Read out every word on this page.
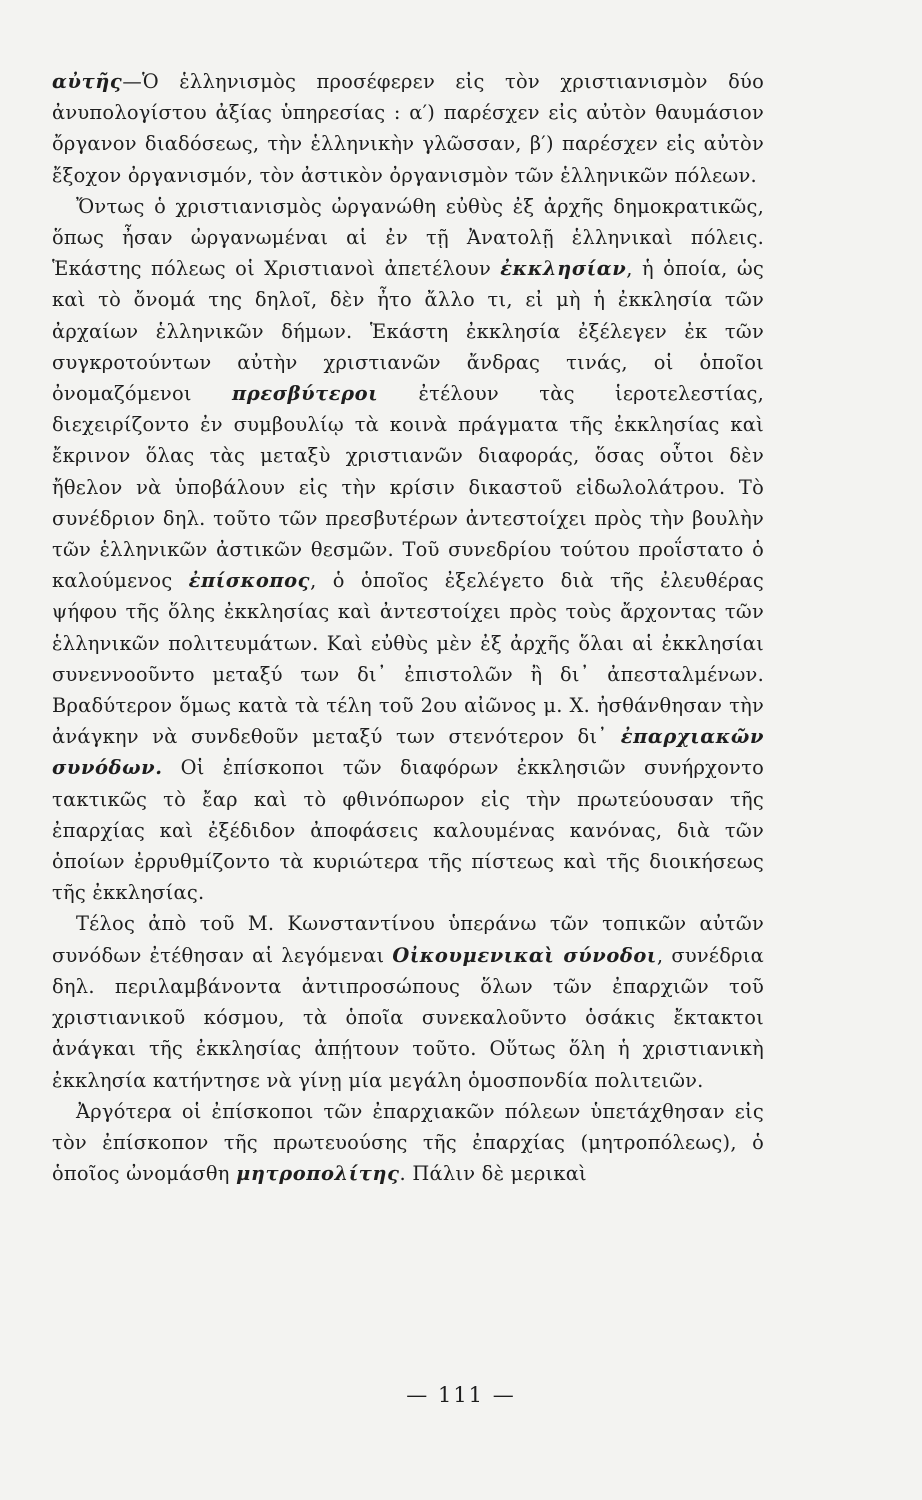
αὐτῆς—Ὁ ἑλληνισμὸς προσέφερεν εἰς τὸν χριστιανισμὸν δύο ἀνυπολογίστου ἀξίας ὑπηρεσίας : α′) παρέσχεν εἰς αὐτὸν θαυμάσιον ὄργανον διαδόσεως, τὴν ἑλληνικὴν γλῶσσαν, β′) παρέσχεν εἰς αὐτὸν ἔξοχον ὀργανισμόν, τὸν ἀστικὸν ὀργανισμὸν τῶν ἑλληνικῶν πόλεων.

Ὄντως ὁ χριστιανισμὸς ὠργανώθη εὐθὺς ἐξ ἀρχῆς δημοκρατικῶς, ὅπως ἦσαν ὠργανωμέναι αἱ ἐν τῇ Ἀνατολῇ ἑλληνικαὶ πόλεις. Ἑκάστης πόλεως οἱ Χριστιανοὶ ἀπετέλουν ἐκκλησίαν, ἡ ὁποία, ὡς καὶ τὸ ὄνομά της δηλοῖ, δὲν ἦτο ἄλλο τι, εἰ μὴ ἡ ἐκκλησία τῶν ἀρχαίων ἑλληνικῶν δήμων. Ἑκάστη ἐκκλησία ἐξέλεγεν ἐκ τῶν συγκροτούντων αὐτὴν χριστιανῶν ἄνδρας τινάς, οἱ ὁποῖοι ὀνομαζόμενοι πρεσβύτεροι ἐτέλουν τὰς ἱεροτελεστίας, διεχειρίζοντο ἐν συμβουλίῳ τὰ κοινὰ πράγματα τῆς ἐκκλησίας καὶ ἔκρινον ὅλας τὰς μεταξὺ χριστιανῶν διαφοράς, ὅσας οὗτοι δὲν ἤθελον νὰ ὑποβάλουν εἰς τὴν κρίσιν δικαστοῦ εἰδωλολάτρου. Τὸ συνέδριον δηλ. τοῦτο τῶν πρεσβυτέρων ἀντεστοίχει πρὸς τὴν βουλὴν τῶν ἑλληνικῶν ἀστικῶν θεσμῶν. Τοῦ συνεδρίου τούτου προΐστατο ὁ καλούμενος ἐπίσκοπος, ὁ ὁποῖος ἐξελέγετο διὰ τῆς ἐλευθέρας ψήφου τῆς ὅλης ἐκκλησίας καὶ ἀντεστοίχει πρὸς τοὺς ἄρχοντας τῶν ἑλληνικῶν πολιτευμάτων. Καὶ εὐθὺς μὲν ἐξ ἀρχῆς ὅλαι αἱ ἐκκλησίαι συνεννοοῦντο μεταξύ των δι᾽ ἐπιστολῶν ἢ δι᾽ ἀπεσταλμένων. Βραδύτερον ὅμως κατὰ τὰ τέλη τοῦ 2ου αἰῶνος μ. Χ. ἠσθάνθησαν τὴν ἀνάγκην νὰ συνδεθοῦν μεταξύ των στενότερον δι᾽ ἐπαρχιακῶν συνόδων. Οἱ ἐπίσκοποι τῶν διαφόρων ἐκκλησιῶν συνήρχοντο τακτικῶς τὸ ἔαρ καὶ τὸ φθινόπωρον εἰς τὴν πρωτεύουσαν τῆς ἐπαρχίας καὶ ἐξέδιδον ἀποφάσεις καλουμένας κανόνας, διὰ τῶν ὁποίων ἐρρυθμίζοντο τὰ κυριώτερα τῆς πίστεως καὶ τῆς διοικήσεως τῆς ἐκκλησίας.

Τέλος ἀπὸ τοῦ Μ. Κωνσταντίνου ὑπεράνω τῶν τοπικῶν αὐτῶν συνόδων ἐτέθησαν αἱ λεγόμεναι Οἰκουμενικαὶ σύνοδοι, συνέδρια δηλ. περιλαμβάνοντα ἀντιπροσώπους ὅλων τῶν ἐπαρχιῶν τοῦ χριστιανικοῦ κόσμου, τὰ ὁποῖα συνεκαλοῦντο ὁσάκις ἔκτακτοι ἀνάγκαι τῆς ἐκκλησίας ἀπῄτουν τοῦτο. Οὕτως ὅλη ἡ χριστιανικὴ ἐκκλησία κατήντησε νὰ γίνῃ μία μεγάλη ὁμοσπονδία πολιτειῶν.

Ἀργότερα οἱ ἐπίσκοποι τῶν ἐπαρχιακῶν πόλεων ὑπετάχθησαν εἰς τὸν ἐπίσκοπον τῆς πρωτευούσης τῆς ἐπαρχίας (μητροπόλεως), ὁ ὁποῖος ὠνομάσθη μητροπολίτης. Πάλιν δὲ μερικαὶ

— 111 —
